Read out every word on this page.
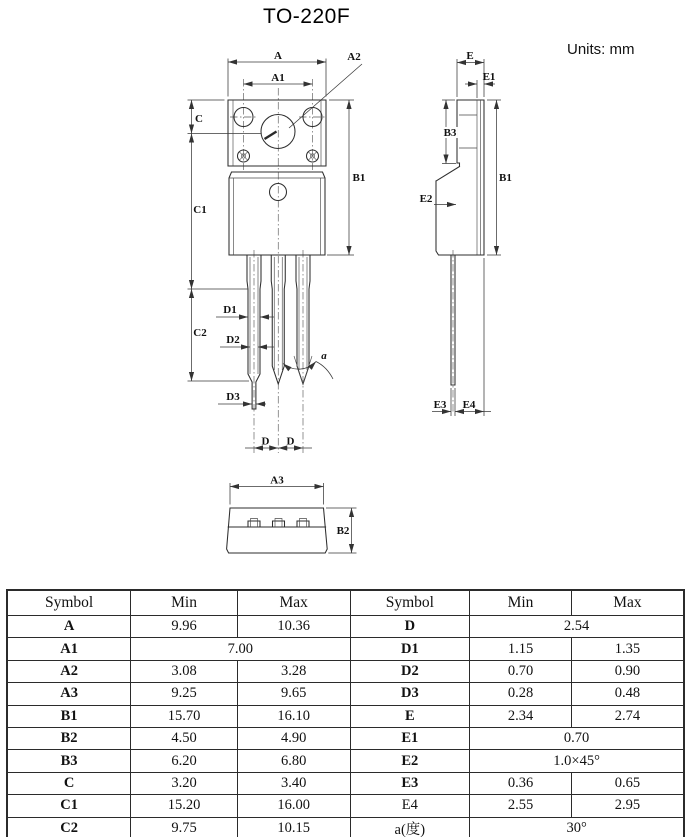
TO-220F
Units: mm
A
A1
A2
C
C1
C2
B1
D1
D2
D3
D D
a
E
E1
B3
E2
B1
E3 E4
A3
B2
Symbol	Min	Max	Symbol	Min	Max
A	9.96	10.36	D	2.54	
A1	7.00		D1	1.15	1.35
A2	3.08	3.28	D2	0.70	0.90
A3	9.25	9.65	D3	0.28	0.48
B1	15.70	16.10	E	2.34	2.74
B2	4.50	4.90	E1	0.70	
B3	6.20	6.80	E2	1.0×45°	
C	3.20	3.40	E3	0.36	0.65
C1	15.20	16.00	E4	2.55	2.95
C2	9.75	10.15	a(度)	30°	
